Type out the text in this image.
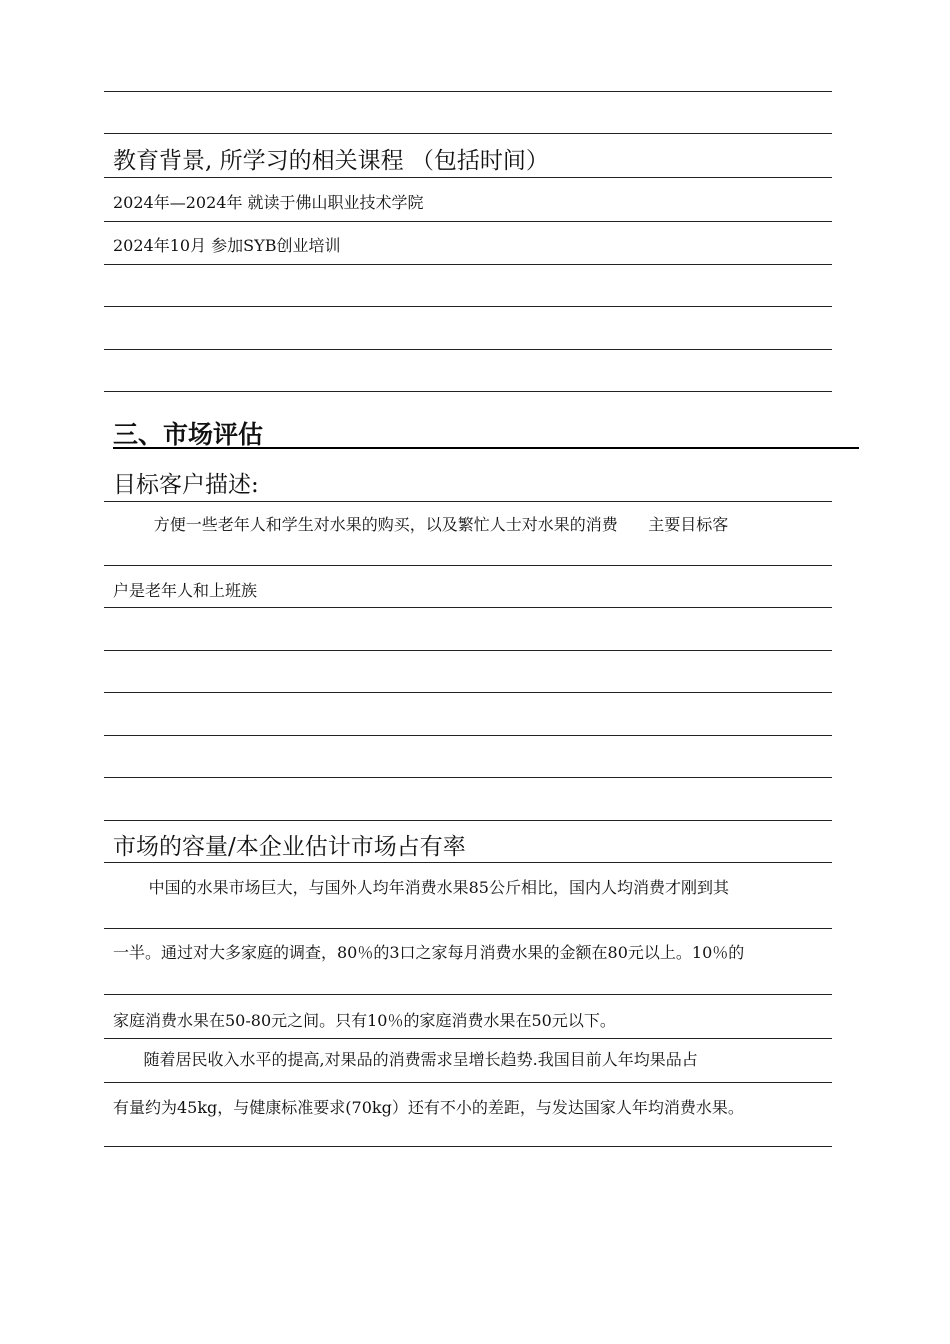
教育背景, 所学习的相关课程 （包括时间）
2024年—2024年 就读于佛山职业技术学院
2024年10月 参加SYB创业培训
三、市场评估
目标客户描述:
方便一些老年人和学生对水果的购买，以及繁忙人士对水果的消费      主要目标客
户是老年人和上班族
市场的容量/本企业估计市场占有率
中国的水果市场巨大，与国外人均年消费水果85公斤相比，国内人均消费才刚到其
一半。通过对大多家庭的调查，80％的3口之家每月消费水果的金额在80元以上。10％的
家庭消费水果在50-80元之间。只有10％的家庭消费水果在50元以下。
随着居民收入水平的提高,对果品的消费需求呈增长趋势.我国目前人年均果品占
有量约为45kg，与健康标准要求(70kg）还有不小的差距，与发达国家人年均消费水果。
